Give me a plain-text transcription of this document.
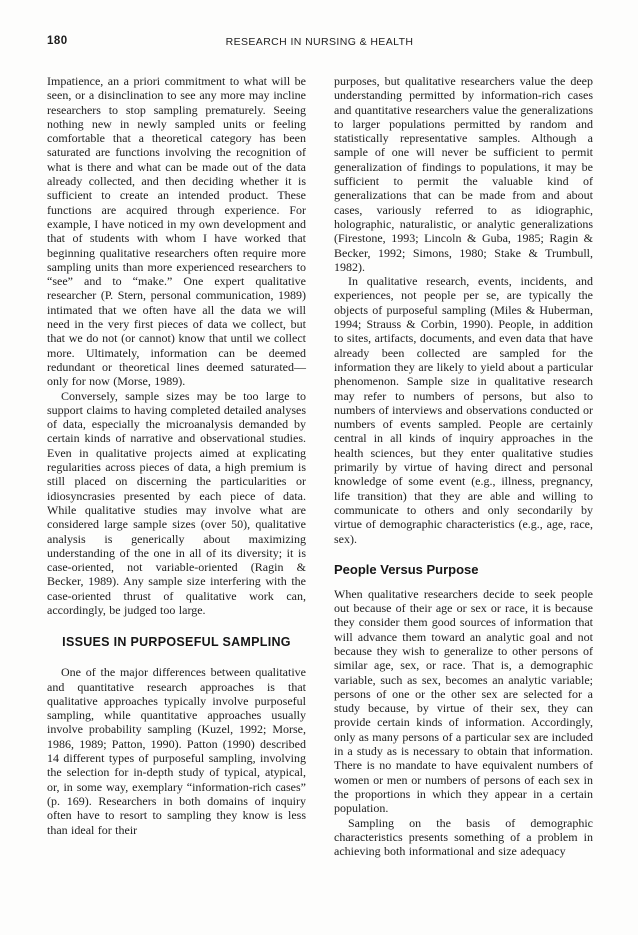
180	RESEARCH IN NURSING & HEALTH

Impatience, an a priori commitment to what will be seen, or a disinclination to see any more may incline researchers to stop sampling prematurely. Seeing nothing new in newly sampled units or feeling comfortable that a theoretical category has been saturated are functions involving the recognition of what is there and what can be made out of the data already collected, and then deciding whether it is sufficient to create an intended product. These functions are acquired through experience. For example, I have noticed in my own development and that of students with whom I have worked that beginning qualitative researchers often require more sampling units than more experienced researchers to “see” and to “make.” One expert qualitative researcher (P. Stern, personal communication, 1989) intimated that we often have all the data we will need in the very first pieces of data we collect, but that we do not (or cannot) know that until we collect more. Ultimately, information can be deemed redundant or theoretical lines deemed saturated—only for now (Morse, 1989).

Conversely, sample sizes may be too large to support claims to having completed detailed analyses of data, especially the microanalysis demanded by certain kinds of narrative and observational studies. Even in qualitative projects aimed at explicating regularities across pieces of data, a high premium is still placed on discerning the particularities or idiosyncrasies presented by each piece of data. While qualitative studies may involve what are considered large sample sizes (over 50), qualitative analysis is generically about maximizing understanding of the one in all of its diversity; it is case-oriented, not variable-oriented (Ragin & Becker, 1989). Any sample size interfering with the case-oriented thrust of qualitative work can, accordingly, be judged too large.

ISSUES IN PURPOSEFUL SAMPLING

One of the major differences between qualitative and quantitative research approaches is that qualitative approaches typically involve purposeful sampling, while quantitative approaches usually involve probability sampling (Kuzel, 1992; Morse, 1986, 1989; Patton, 1990). Patton (1990) described 14 different types of purposeful sampling, involving the selection for in-depth study of typical, atypical, or, in some way, exemplary “information-rich cases” (p. 169). Researchers in both domains of inquiry often have to resort to sampling they know is less than ideal for their

purposes, but qualitative researchers value the deep understanding permitted by information-rich cases and quantitative researchers value the generalizations to larger populations permitted by random and statistically representative samples. Although a sample of one will never be sufficient to permit generalization of findings to populations, it may be sufficient to permit the valuable kind of generalizations that can be made from and about cases, variously referred to as idiographic, holographic, naturalistic, or analytic generalizations (Firestone, 1993; Lincoln & Guba, 1985; Ragin & Becker, 1992; Simons, 1980; Stake & Trumbull, 1982).

In qualitative research, events, incidents, and experiences, not people per se, are typically the objects of purposeful sampling (Miles & Huberman, 1994; Strauss & Corbin, 1990). People, in addition to sites, artifacts, documents, and even data that have already been collected are sampled for the information they are likely to yield about a particular phenomenon. Sample size in qualitative research may refer to numbers of persons, but also to numbers of interviews and observations conducted or numbers of events sampled. People are certainly central in all kinds of inquiry approaches in the health sciences, but they enter qualitative studies primarily by virtue of having direct and personal knowledge of some event (e.g., illness, pregnancy, life transition) that they are able and willing to communicate to others and only secondarily by virtue of demographic characteristics (e.g., age, race, sex).

People Versus Purpose

When qualitative researchers decide to seek people out because of their age or sex or race, it is because they consider them good sources of information that will advance them toward an analytic goal and not because they wish to generalize to other persons of similar age, sex, or race. That is, a demographic variable, such as sex, becomes an analytic variable; persons of one or the other sex are selected for a study because, by virtue of their sex, they can provide certain kinds of information. Accordingly, only as many persons of a particular sex are included in a study as is necessary to obtain that information. There is no mandate to have equivalent numbers of women or men or numbers of persons of each sex in the proportions in which they appear in a certain population.

Sampling on the basis of demographic characteristics presents something of a problem in achieving both informational and size adequacy
